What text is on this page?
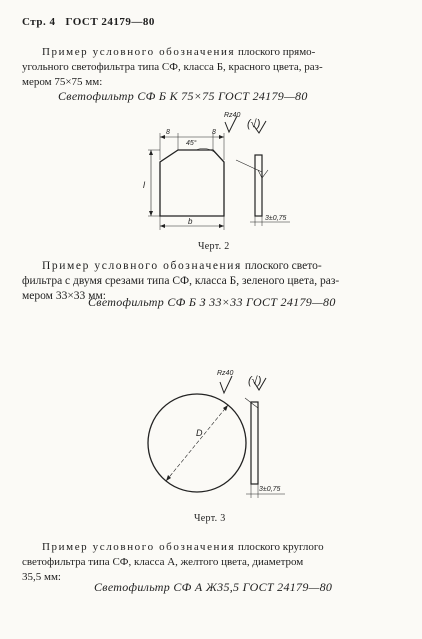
Стр. 4 ГОСТ 24179—80
Пример условного обозначения плоского прямо-
угольного светофильтра типа СФ, класса Б, красного цвета, раз-
мером 75×75 мм:
Светофильтр СФ Б К 75×75 ГОСТ 24179—80
8	8
45°
Rz40
(√)
l
b	3±0,75
Черт. 2
Пример условного обозначения плоского свето-
фильтра с двумя срезами типа СФ, класса Б, зеленого цвета, раз-
мером 33×33 мм:
Светофильтр СФ Б З 33×33 ГОСТ 24179—80
Rz40
(√)
D
3±0,75
Черт. 3
Пример условного обозначения плоского круглого
светофильтра типа СФ, класса А, желтого цвета, диаметром
35,5 мм:
Светофильтр СФ А Ж35,5 ГОСТ 24179—80
